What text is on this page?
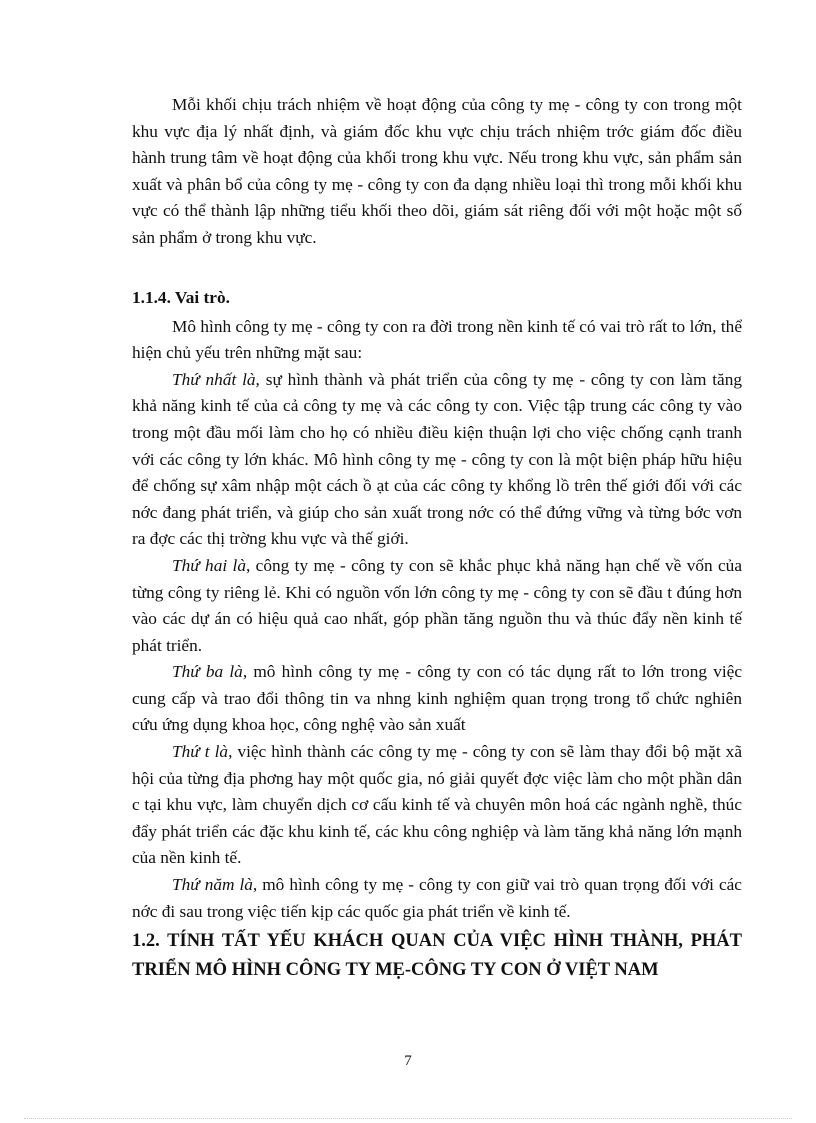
Mỗi khối chịu trách nhiệm về hoạt động của công ty mẹ - công ty con trong một khu vực địa lý nhất định, và giám đốc khu vực chịu trách nhiệm trớc giám đốc điều hành trung tâm về hoạt động của khối trong khu vực. Nếu trong khu vực, sản phẩm sản xuất và phân bổ của công ty mẹ - công ty con đa dạng nhiều loại thì trong mỗi khối khu vực có thể thành lập những tiểu khối theo dõi, giám sát riêng đối với một hoặc một số sản phẩm ở trong khu vực.

1.1.4. Vai trò.

Mô hình công ty mẹ - công ty con ra đời trong nền kinh tế có vai trò rất to lớn, thể hiện chủ yếu trên những mặt sau:

Thứ nhất là, sự hình thành và phát triển của công ty mẹ - công ty con làm tăng khả năng kinh tế của cả công ty mẹ và các công ty con. Việc tập trung các công ty vào trong một đầu mối làm cho họ có nhiều điều kiện thuận lợi cho việc chống cạnh tranh với các công ty lớn khác. Mô hình công ty mẹ - công ty con là một biện pháp hữu hiệu để chống sự xâm nhập một cách ồ ạt của các công ty khổng lồ trên thế giới đối với các nớc đang phát triển, và giúp cho sản xuất trong nớc có thể đứng vững và từng bớc vơn ra đợc các thị trờng khu vực và thế giới.

Thứ hai là, công ty mẹ - công ty con sẽ khắc phục khả năng hạn chế về vốn của từng công ty riêng lẻ. Khi có nguồn vốn lớn công ty mẹ - công ty con sẽ đầu t đúng hơn vào các dự án có hiệu quả cao nhất, góp phần tăng nguồn thu và thúc đẩy nền kinh tế phát triển.

Thứ ba là, mô hình công ty mẹ - công ty con có tác dụng rất to lớn trong việc cung cấp và trao đổi thông tin va nhng kinh nghiệm quan trọng trong tổ chức nghiên cứu ứng dụng khoa học, công nghệ vào sản xuất

Thứ t là, việc hình thành các công ty mẹ - công ty con sẽ làm thay đổi bộ mặt xã hội của từng địa phơng hay một quốc gia, nó giải quyết đợc việc làm cho một phần dân c tại khu vực, làm chuyển dịch cơ cấu kinh tế và chuyên môn hoá các ngành nghề, thúc đẩy phát triển các đặc khu kinh tế, các khu công nghiệp và làm tăng khả năng lớn mạnh của nền kinh tế.

Thứ năm là, mô hình công ty mẹ - công ty con giữ vai trò quan trọng đối với các nớc đi sau trong việc tiến kịp các quốc gia phát triển về kinh tế.

1.2. TÍNH TẤT YẾU KHÁCH QUAN CỦA VIỆC HÌNH THÀNH, PHÁT TRIỂN MÔ HÌNH CÔNG TY MẸ-CÔNG TY CON Ở VIỆT NAM
7
